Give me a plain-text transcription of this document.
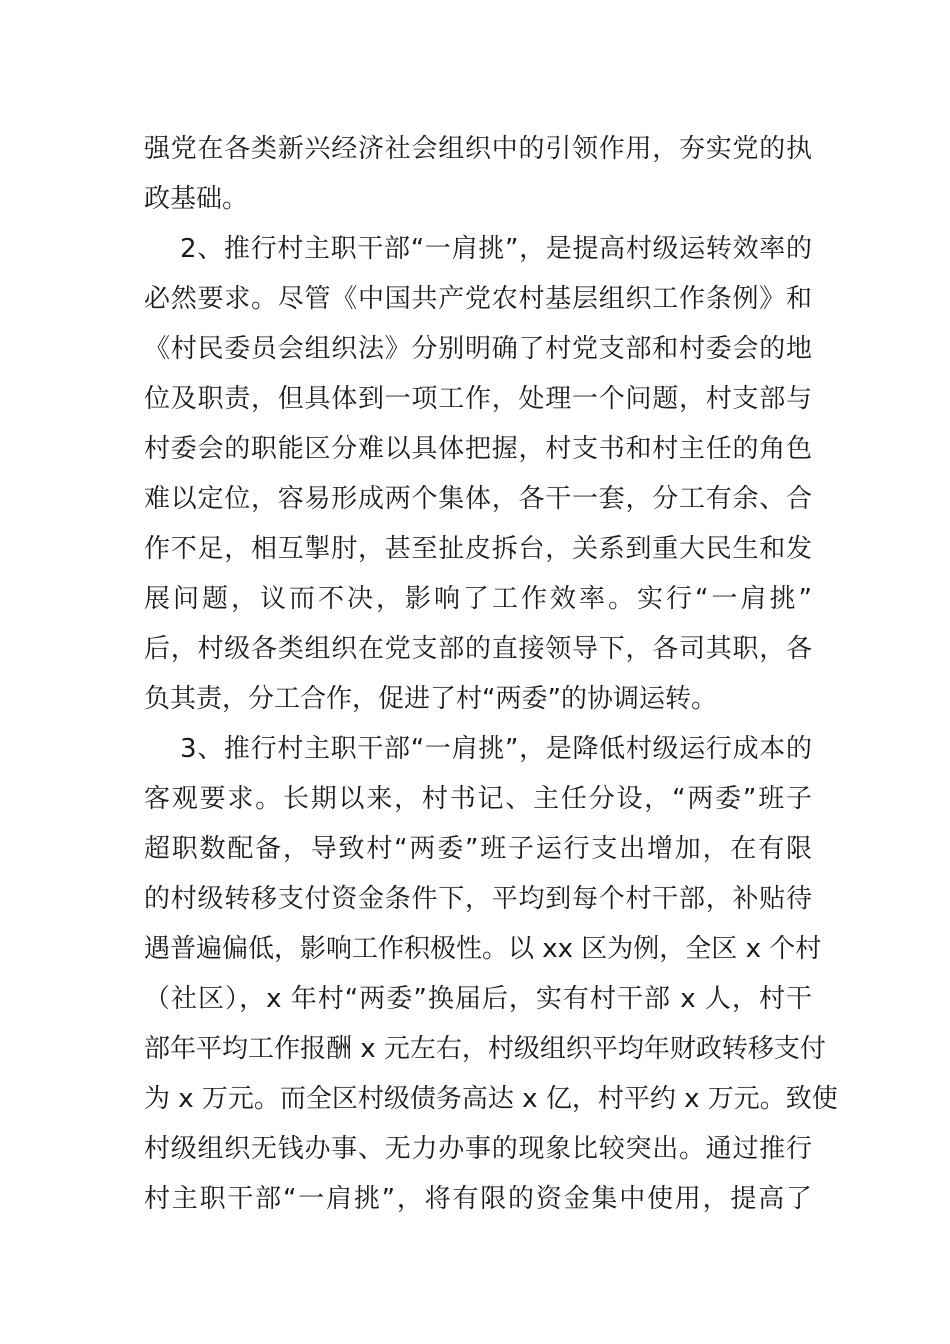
强党在各类新兴经济社会组织中的引领作用，夯实党的执
政基础。
2、推行村主职干部“一肩挑”，是提高村级运转效率的
必然要求。尽管《中国共产党农村基层组织工作条例》和
《村民委员会组织法》分别明确了村党支部和村委会的地
位及职责，但具体到一项工作，处理一个问题，村支部与
村委会的职能区分难以具体把握，村支书和村主任的角色
难以定位，容易形成两个集体，各干一套，分工有余、合
作不足，相互掣肘，甚至扯皮拆台，关系到重大民生和发
展问题，议而不决，影响了工作效率。实行“一肩挑”
后，村级各类组织在党支部的直接领导下，各司其职，各
负其责，分工合作，促进了村“两委”的协调运转。
3、推行村主职干部“一肩挑”，是降低村级运行成本的
客观要求。长期以来，村书记、主任分设，“两委”班子
超职数配备，导致村“两委”班子运行支出增加，在有限
的村级转移支付资金条件下，平均到每个村干部，补贴待
遇普遍偏低，影响工作积极性。以 xx 区为例，全区 x 个村
（社区），x 年村“两委”换届后，实有村干部 x 人，村干
部年平均工作报酬 x 元左右，村级组织平均年财政转移支付
为 x 万元。而全区村级债务高达 x 亿，村平约 x 万元。致使
村级组织无钱办事、无力办事的现象比较突出。通过推行
村主职干部“一肩挑”，将有限的资金集中使用，提高了
